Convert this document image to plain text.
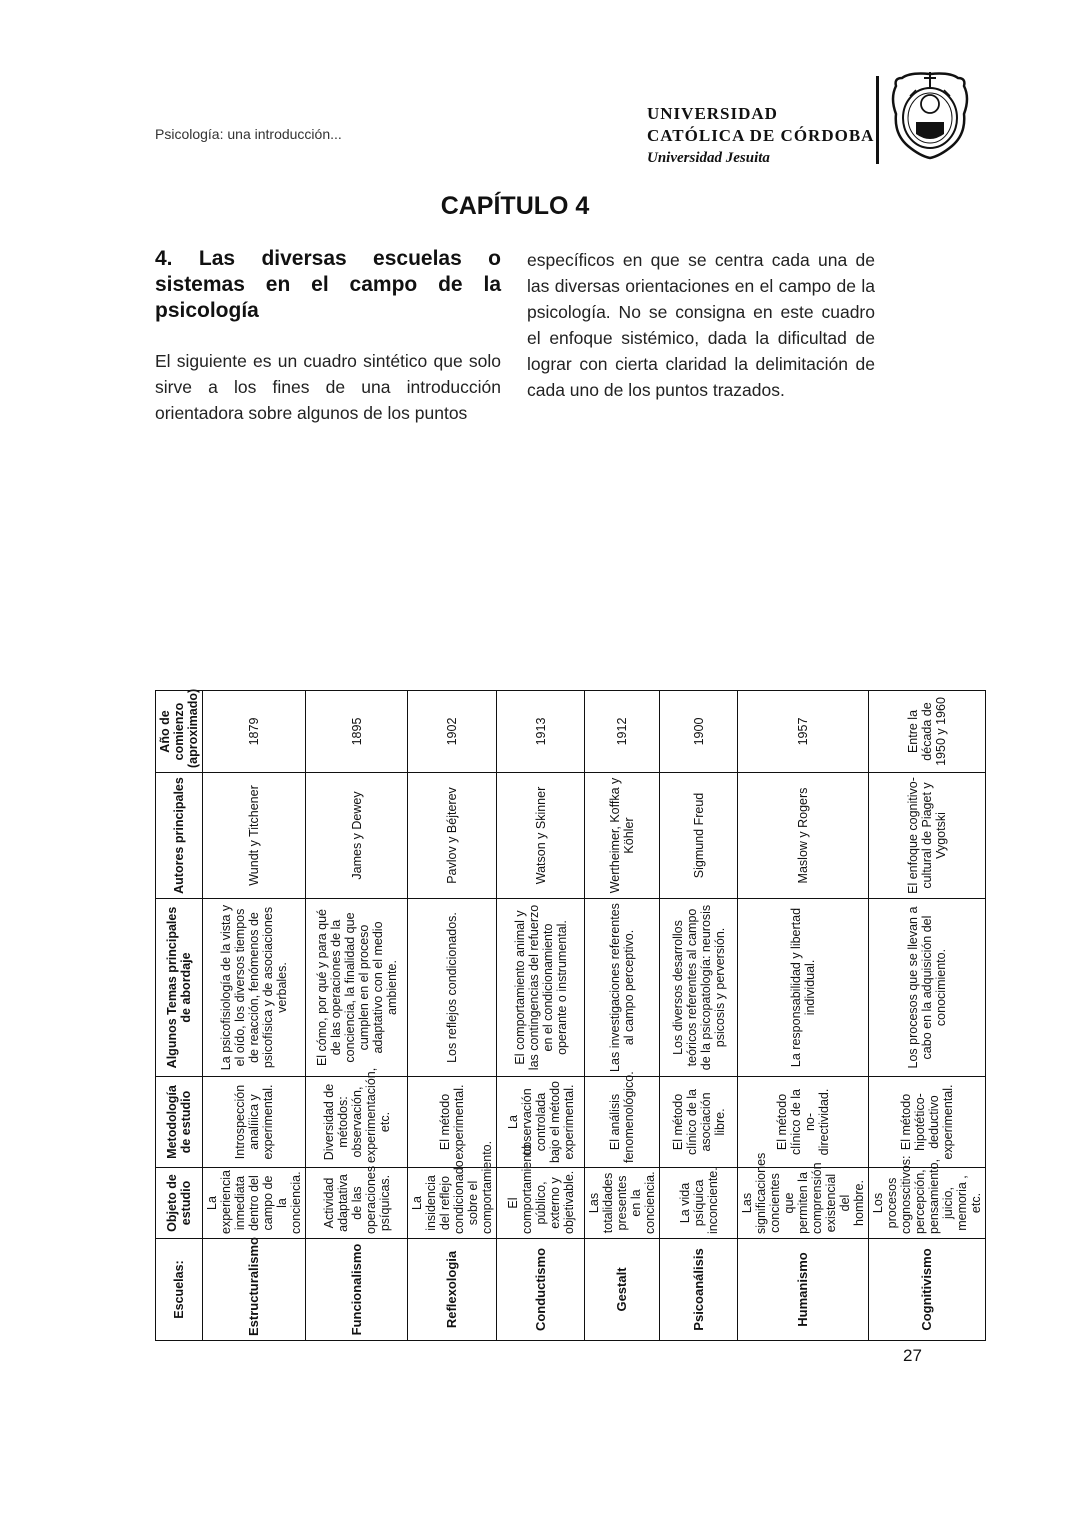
Psicología: una introducción...
UNIVERSIDAD
CATÓLICA DE CÓRDOBA
Universidad Jesuita
CAPÍTULO 4
4. Las diversas escuelas o sistemas en el campo de la psicología
El siguiente es un cuadro sintético que solo sirve a los fines de una introducción orientadora sobre algunos de los puntos
específicos en que se centra cada una de las diversas orientaciones en el campo de la psicología. No se consigna en este cuadro el enfoque sistémico, dada la dificultad de lograr con cierta claridad la delimitación de cada uno de los puntos trazados.
Escuelas:	Objeto de estudio	Metodología de estudio	Algunos Temas principales de abordaje	Autores principales	Año de comienzo (aproximado)
Estructuralismo	La experiencia inmediata dentro del campo de la conciencia.	Introspección analíiica y experimental.	La psicofisiología de la vista y el oído, los diversos tiempos de reacción, fenómenos de psicofísica y de asociaciones verbales.	Wundt y Titchener	1879
Funcionalismo	Actividad adaptativa de las operaciones psíquicas.	Diversidad de métodos: observación, experimentación, etc.	El cómo, por qué y para qué de las operaciones de la conciencia, la finalidad que cumplen en el proceso adaptativo con el medio ambiente.	James y Dewey	1895
Reflexologia	La insidencia del reflejo condicionado sobre el comportamiento.	El método experimental.	Los reflejos condicionados.	Pavlov y Béjterev	1902
Conductismo	El comportamiento público, externo y objetivable.	La observación controlada bajo el método experimental.	El comportamiento animal y las contingencias del refuerzo en el condicionamiento operante o instrumental.	Watson y Skinner	1913
Gestalt	Las totalidades presentes en la conciencia.	El análisis fenomenológico.	Las investigaciones referentes al campo perceptivo.	Wertheimer, Koffka y Köhler	1912
Psicoanálisis	La vida psíquica inconciente.	El método clínico de la asociación libre.	Los diversos desarrollos teóricos referentes al campo de la psicopatología: neurosis psicosis y perversión.	Sigmund Freud	1900
Humanismo	Las significaciones concientes que permiten la comprensión existencial del hombre.	El método clínico de la no-directividad.	La responsabilidad y libertad individual.	Maslow y Rogers	1957
Cognitivismo	Los procesos cognoscitivos: percepción, pensamiento, juicio, memoria , etc.	El método hipotético-deductivo experimental.	Los procesos que se llevan a cabo en la adquisición del conocimiento.	El enfoque cognitivo-cultural de Piaget y Vygotski	Entre la década de 1950 y 1960
27
